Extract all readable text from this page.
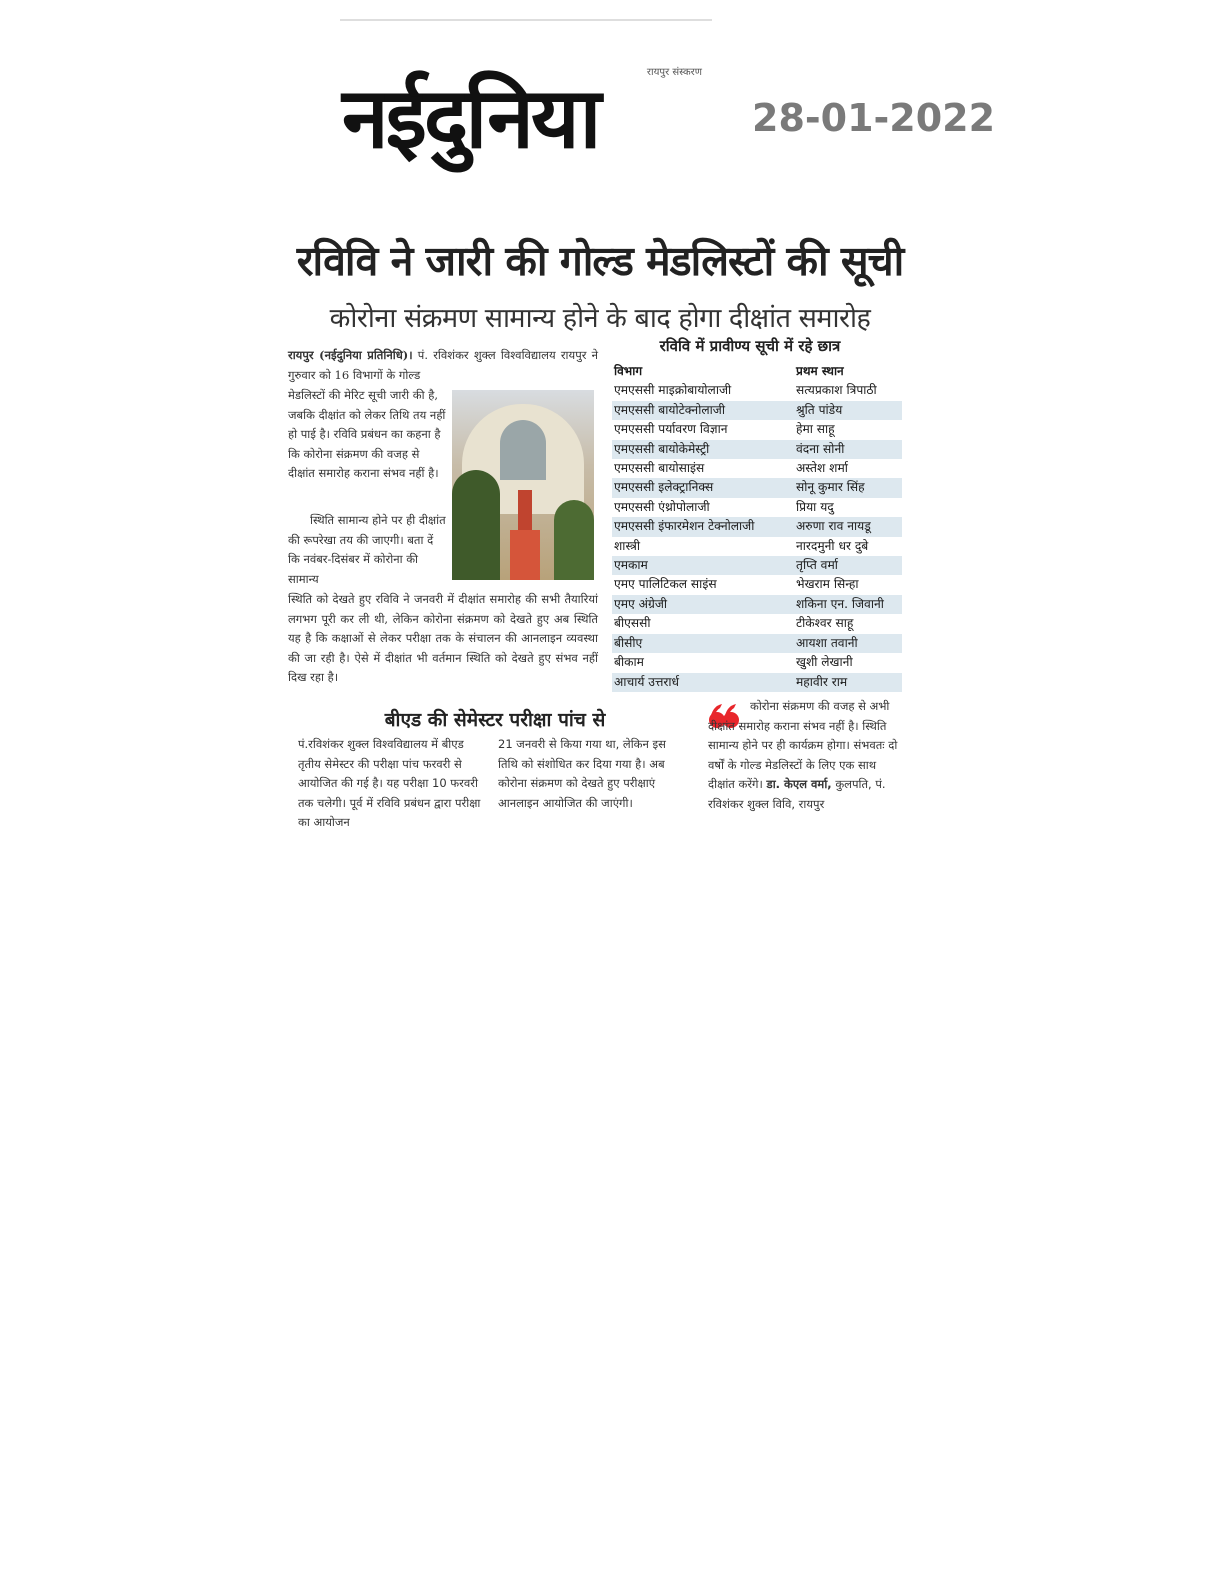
रायपुर संस्करण
नईदुनिया	28-01-2022
रविवि ने जारी की गोल्ड मेडलिस्टों की सूची
कोरोना संक्रमण सामान्य होने के बाद होगा दीक्षांत समारोह
रायपुर (नईदुनिया प्रतिनिधि)। पं. रविशंकर शुक्ल विश्वविद्यालय रायपुर ने गुरुवार को 16 विभागों के गोल्ड
मेडलिस्टों की मेरिट सूची जारी की है, जबकि दीक्षांत को लेकर तिथि तय नहीं हो पाई है। रविवि प्रबंधन का कहना है कि कोरोना संक्रमण की वजह से दीक्षांत समारोह कराना संभव नहीं है।
स्थिति सामान्य होने पर ही दीक्षांत की रूपरेखा तय की जाएगी। बता दें कि नवंबर-दिसंबर में कोरोना की सामान्य
स्थिति को देखते हुए रविवि ने जनवरी में दीक्षांत समारोह की सभी तैयारियां लगभग पूरी कर ली थी, लेकिन कोरोना संक्रमण को देखते हुए अब स्थिति यह है कि कक्षाओं से लेकर परीक्षा तक के संचालन की आनलाइन व्यवस्था की जा रही है। ऐसे में दीक्षांत भी वर्तमान स्थिति को देखते हुए संभव नहीं दिख रहा है।
रविवि में प्रावीण्य सूची में रहे छात्र
विभाग	प्रथम स्थान
एमएससी माइक्रोबायोलाजी	सत्यप्रकाश त्रिपाठी
एमएससी बायोटेक्नोलाजी	श्रुति पांडेय
एमएससी पर्यावरण विज्ञान	हेमा साहू
एमएससी बायोकेमेस्ट्री	वंदना सोनी
एमएससी बायोसाइंस	अस्तेश शर्मा
एमएससी इलेक्ट्रानिक्स	सोनू कुमार सिंह
एमएससी एंथ्रोपोलाजी	प्रिया यदु
एमएससी इंफारमेशन टेक्नोलाजी	अरुणा राव नायडू
शास्त्री	नारदमुनी धर दुबे
एमकाम	तृप्ति वर्मा
एमए पालिटिकल साइंस	भेखराम सिन्हा
एमए अंग्रेजी	शकिना एन. जिवानी
बीएससी	टीकेश्वर साहू
बीसीए	आयशा तवानी
बीकाम	खुशी लेखानी
आचार्य उत्तरार्ध	महावीर राम
बीएड की सेमेस्टर परीक्षा पांच से
पं.रविशंकर शुक्ल विश्वविद्यालय में बीएड तृतीय सेमेस्टर की परीक्षा पांच फरवरी से आयोजित की गई है। यह परीक्षा 10 फरवरी तक चलेगी। पूर्व में रविवि प्रबंधन द्वारा परीक्षा का आयोजन
21 जनवरी से किया गया था, लेकिन इस तिथि को संशोधित कर दिया गया है। अब कोरोना संक्रमण को देखते हुए परीक्षाएं आनलाइन आयोजित की जाएंगी।
कोरोना संक्रमण की वजह से अभी दीक्षांत समारोह कराना संभव नहीं है। स्थिति सामान्य होने पर ही कार्यक्रम होगा। संभवतः दो वर्षों के गोल्ड मेडलिस्टों के लिए एक साथ दीक्षांत करेंगे। डा. केएल वर्मा, कुलपति, पं. रविशंकर शुक्ल विवि, रायपुर
